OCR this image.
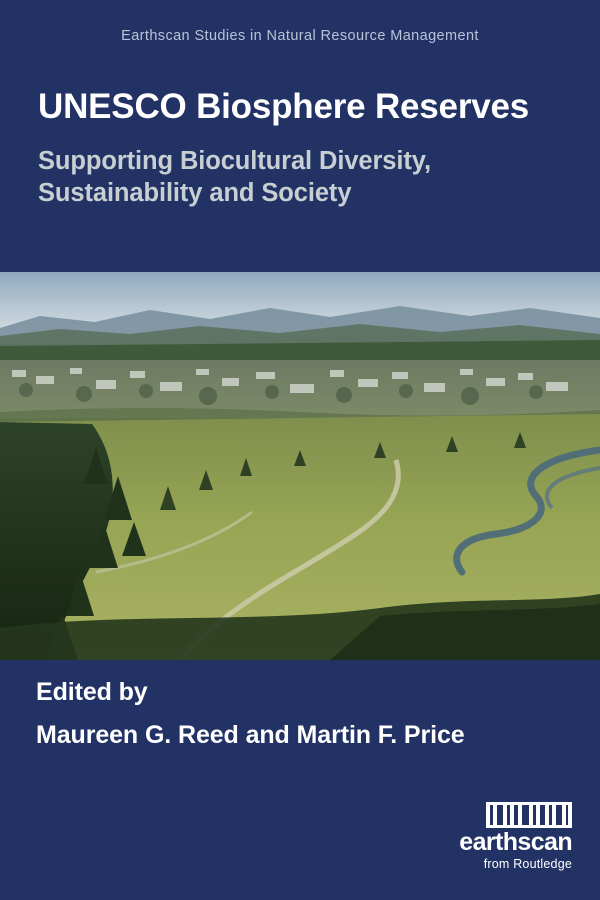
Earthscan Studies in Natural Resource Management
UNESCO Biosphere Reserves
Supporting Biocultural Diversity, Sustainability and Society

Edited by

Maureen G. Reed and Martin F. Price

earthscan
from Routledge
